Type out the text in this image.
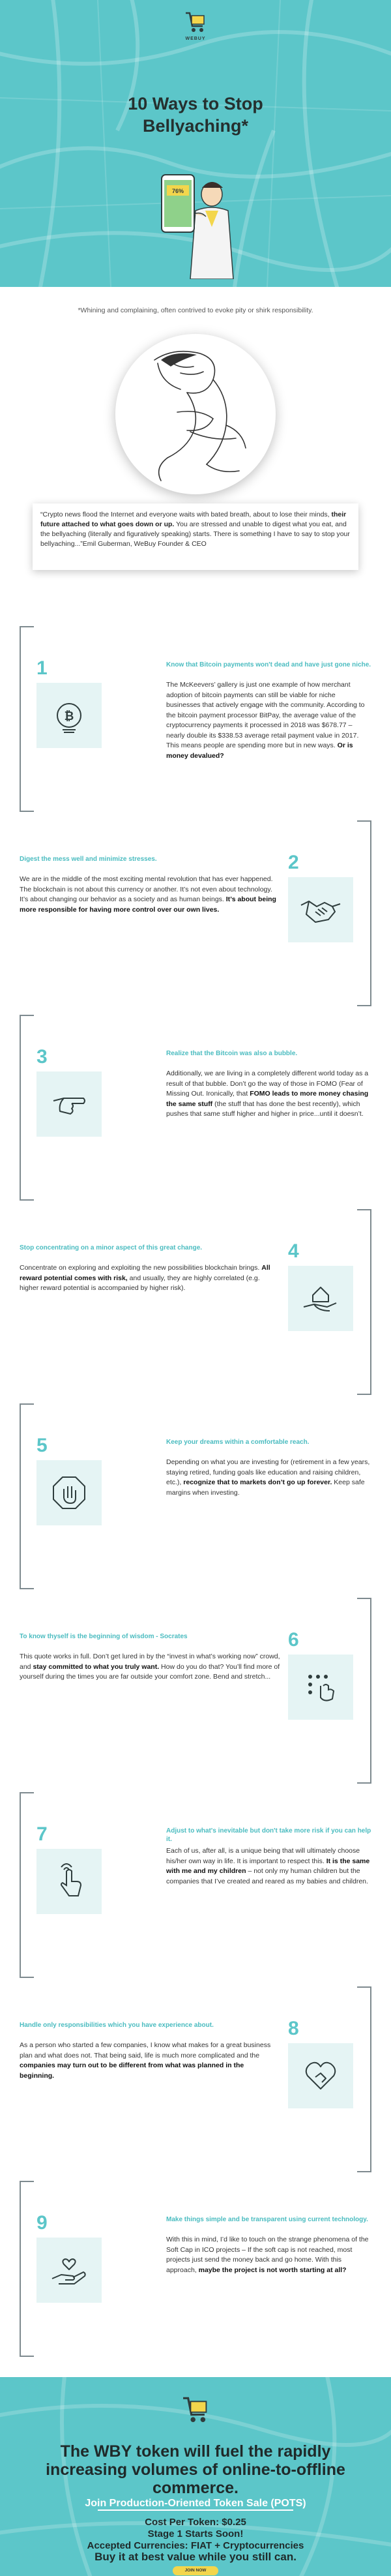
WEBUY
10 Ways to Stop Bellyaching*
76%
*Whining and complaining, often contrived to evoke pity or shirk responsibility.
“Crypto news flood the Internet and everyone waits with bated breath, about to lose their minds, their future attached to what goes down or up. You are stressed and unable to digest what you eat, and the bellyaching (literally and figuratively speaking) starts. There is something I have to say to stop your bellyaching...”Emil Guberman, WeBuy Founder & CEO
1
₿
Know that Bitcoin payments won't dead and have just gone niche.
The McKeevers’ gallery is just one example of how merchant adoption of bitcoin payments can still be viable for niche businesses that actively engage with the community. According to the bitcoin payment processor BitPay, the average value of the cryptocurrency payments it processed in 2018 was $678.77 – nearly double its $338.53 average retail payment value in 2017. This means people are spending more but in new ways. Or is money devalued?
2
Digest the mess well and minimize stresses.
We are in the middle of the most exciting mental revolution that has ever happened. The blockchain is not about this currency or another. It’s not even about technology. It’s about changing our behavior as a society and as human beings. It’s about being more responsible for having more control over our own lives.
3	Realize that the Bitcoin was also a bubble.
Additionally, we are living in a completely different world today as a result of that bubble. Don’t go the way of those in FOMO (Fear of Missing Out. Ironically, that FOMO leads to more money chasing the same stuff (the stuff that has done the best recently), which pushes that same stuff higher and higher in price...until it doesn’t.
4
Stop concentrating on a minor aspect of this great change.
Concentrate on exploring and exploiting the new possibilities blockchain brings. All reward potential comes with risk, and usually, they are highly correlated (e.g. higher reward potential is accompanied by higher risk).
5	Keep your dreams within a comfortable reach.
Depending on what you are investing for (retirement in a few years, staying retired, funding goals like education and raising children, etc.), recognize that to markets don’t go up forever. Keep safe margins when investing.
6
To know thyself is the beginning of wisdom - Socrates
This quote works in full. Don’t get lured in by the “invest in what’s working now” crowd, and stay committed to what you truly want. How do you do that? You’ll find more of yourself during the times you are far outside your comfort zone. Bend and stretch...
7	Adjust to what's inevitable but don't take more risk if you can help it.
Each of us, after all, is a unique being that will ultimately choose his/her own way in life. It is important to respect this. It is the same with me and my children – not only my human children but the companies that I’ve created and reared as my babies and children.
8
Handle only responsibilities which you have experience about.
As a person who started a few companies, I know what makes for a great business plan and what does not. That being said, life is much more complicated and the companies may turn out to be different from what was planned in the beginning.
9	Make things simple and be transparent using current technology.
With this in mind, I’d like to touch on the strange phenomena of the Soft Cap in ICO projects – If the soft cap is not reached, most projects just send the money back and go home. With this approach, maybe the project is not worth starting at all?
The WBY token will fuel the rapidly increasing volumes of online-to-offline commerce.
Join Production-Oriented Token Sale (POTS)
Cost Per Token: $0.25
Stage 1 Starts Soon!
Accepted Currencies: FIAT + Cryptocurrencies
Buy it at best value while you still can.
JOIN NOW
